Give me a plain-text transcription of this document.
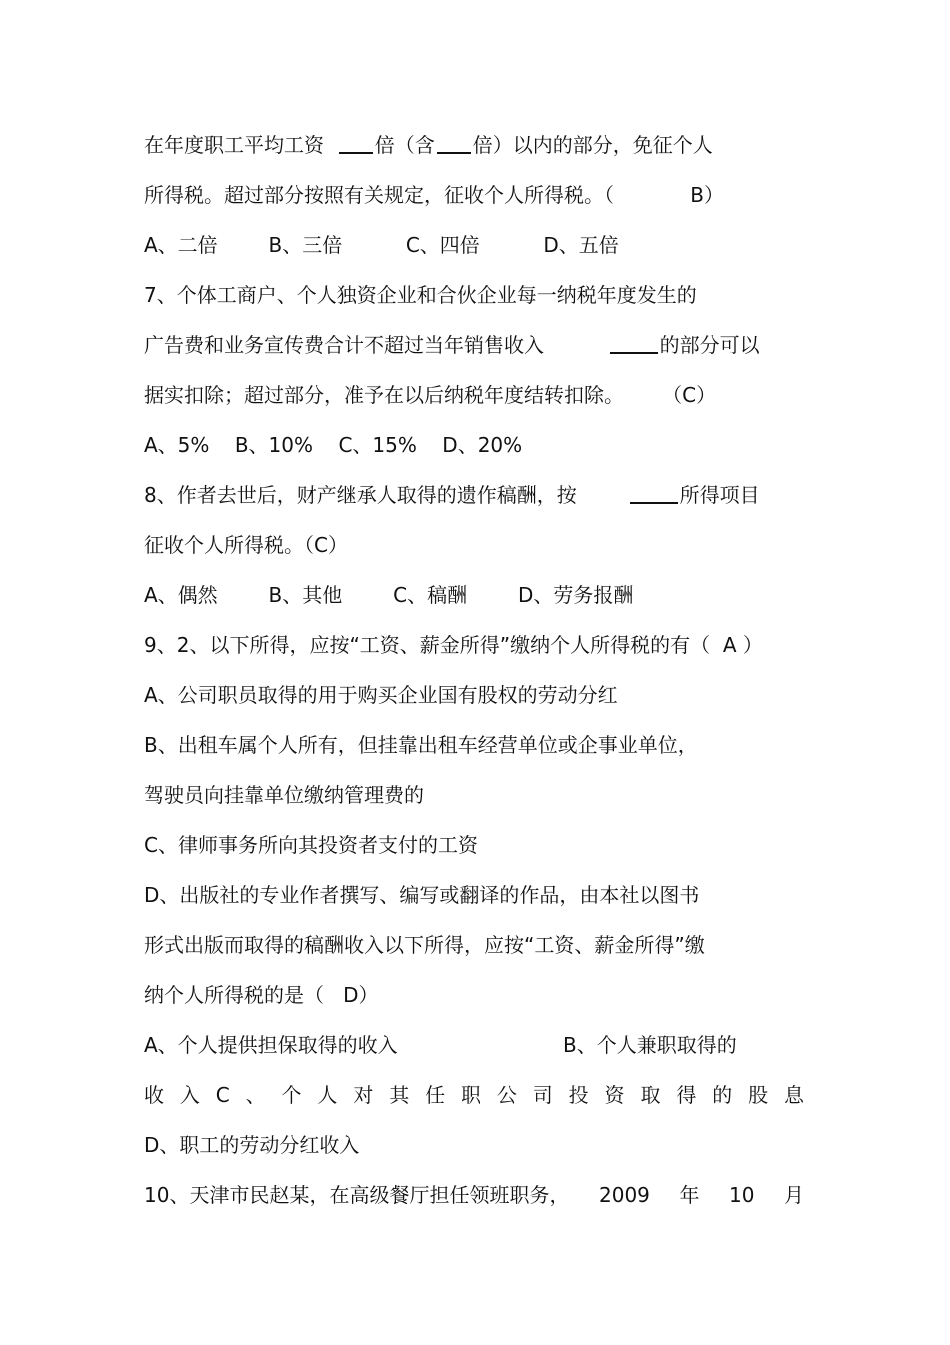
在年度职工平均工资  倍（含 倍）以内的部分，免征个人
所得税。超过部分按照有关规定，征收个人所得税。（            B）
A、二倍        B、三倍          C、四倍          D、五倍
7、个体工商户、个人独资企业和合伙企业每一纳税年度发生的
广告费和业务宣传费合计不超过当年销售收入	的部分可以
据实扣除；超过部分，准予在以后纳税年度结转扣除。      （C）
A、5%    B、10%    C、15%    D、20%
8、作者去世后，财产继承人取得的遗作稿酬，按	所得项目
征收个人所得税。（C）
A、偶然        B、其他        C、稿酬        D、劳务报酬
9、2、以下所得，应按“工资、薪金所得”缴纳个人所得税的有（  A ）
A、公司职员取得的用于购买企业国有股权的劳动分红
B、出租车属个人所有，但挂靠出租车经营单位或企事业单位，
驾驶员向挂靠单位缴纳管理费的
C、律师事务所向其投资者支付的工资
D、出版社的专业作者撰写、编写或翻译的作品，由本社以图书
形式出版而取得的稿酬收入以下所得，应按“工资、薪金所得”缴
纳个人所得税的是（   D）
A、个人提供担保取得的收入                          B、个人兼职取得的
收 入 C 、 个 人 对 其 任 职 公 司 投 资 取 得 的 股 息
D、职工的劳动分红收入
10、天津市民赵某，在高级餐厅担任领班职务， 2009 年 10 月
